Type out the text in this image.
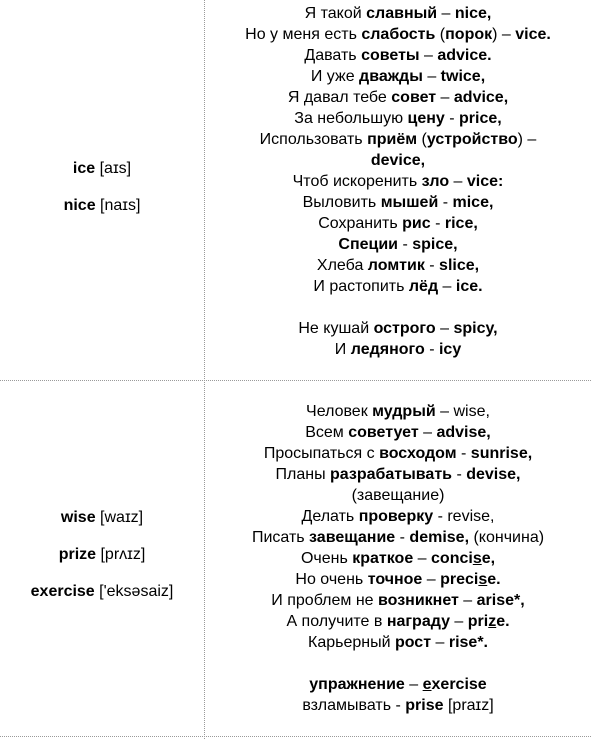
ice [aɪs]

nice [naɪs]

Я такой славный – nice,

Но у меня есть слабость (порок) – vice.

Давать советы – advice.

И уже дважды – twice,

Я давал тебе совет – advice,

За небольшую цену - price,

Использовать приём (устройство) –

device,

Чтоб искоренить зло – vice:

Выловить мышей - mice,

Сохранить рис - rice,

Специи - spice,

Хлеба ломтик - slice,

И растопить лёд – ice.

Не кушай острого – spicy,

И ледяного - icy

wise [waɪz]

prize [prʌɪz]

exercise ['eksəsaiz]

Человек мудрый – wise,

Всем советует – advise,

Просыпаться с восходом - sunrise,

Планы разрабатывать - devise,

(завещание)

Делать проверку - revise,

Писать завещание - demise, (кончина)

Очень краткое – concise,

Но очень точное – precise.

И проблем не возникнет – arise*,

А получите в награду – prize.

Карьерный рост – rise*.

упражнение – exercise

взламывать - prise [praɪz]
